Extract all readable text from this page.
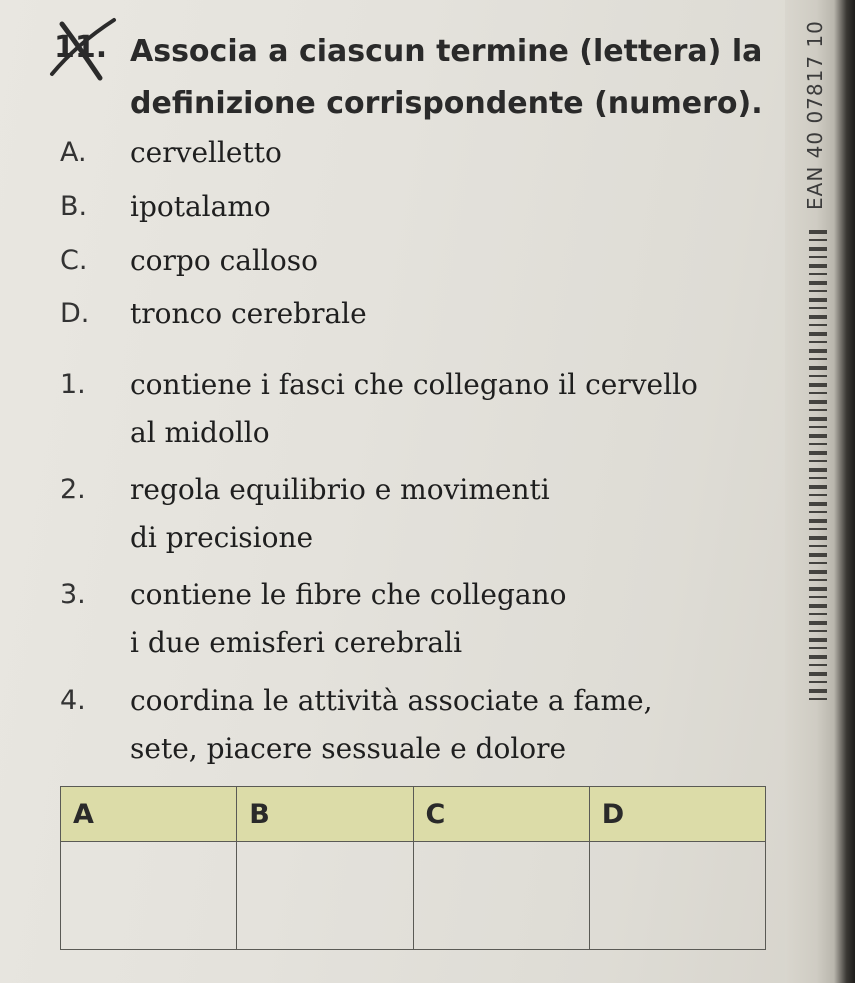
EAN 40 07817 10
11. Associa a ciascun termine (lettera) la
definizione corrispondente (numero).
A. cervelletto
B. ipotalamo
C. corpo calloso
D. tronco cerebrale
1. contiene i fasci che collegano il cervello
al midollo
2. regola equilibrio e movimenti
di precisione
3. contiene le fibre che collegano
i due emisferi cerebrali
4. coordina le attività associate a fame,
sete, piacere sessuale e dolore
A	B	C	D
